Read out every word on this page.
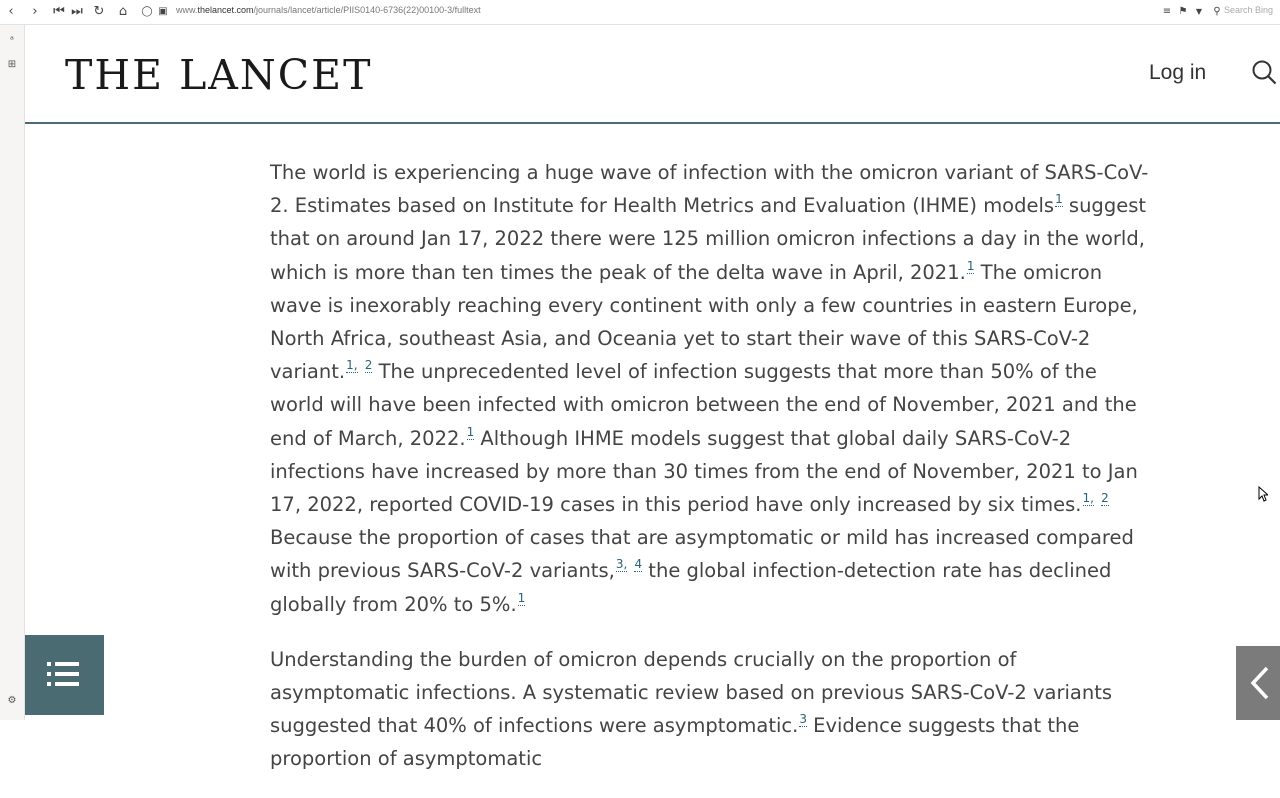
‹	›	⏮ ⏭ ↻	⌂	◯ ▣ www.thelancet.com/journals/lancet/article/PIIS0140-6736(22)00100-3/fulltext	≡ ⚑	▼	⚲ Search Bing
ᵃ
⊞
⚙
THE LANCET	Log in

The world is experiencing a huge wave of infection with the omicron variant of SARS-CoV-2. Estimates based on Institute for Health Metrics and Evaluation (IHME) models$^1$ suggest that on around Jan 17, 2022 there were 125 million omicron infections a day in the world, which is more than ten times the peak of the delta wave in April, 2021.$^1$ The omicron wave is inexorably reaching every continent with only a few countries in eastern Europe, North Africa, southeast Asia, and Oceania yet to start their wave of this SARS-CoV-2 variant.$^{1,}$ $^2$ The unprecedented level of infection suggests that more than 50% of the world will have been infected with omicron between the end of November, 2021 and the end of March, 2022.$^1$ Although IHME models suggest that global daily SARS-CoV-2 infections have increased by more than 30 times from the end of November, 2021 to Jan 17, 2022, reported COVID-19 cases in this period have only increased by six times.$^{1,}$ $^2$ Because the proportion of cases that are asymptomatic or mild has increased compared with previous SARS-CoV-2 variants,$^{3,}$ $^4$ the global infection-detection rate has declined globally from 20% to 5%.$^1$

Understanding the burden of omicron depends crucially on the proportion of asymptomatic infections. A systematic review based on previous SARS-CoV-2 variants suggested that 40% of infections were asymptomatic.$^3$ Evidence suggests that the proportion of asymptomatic
